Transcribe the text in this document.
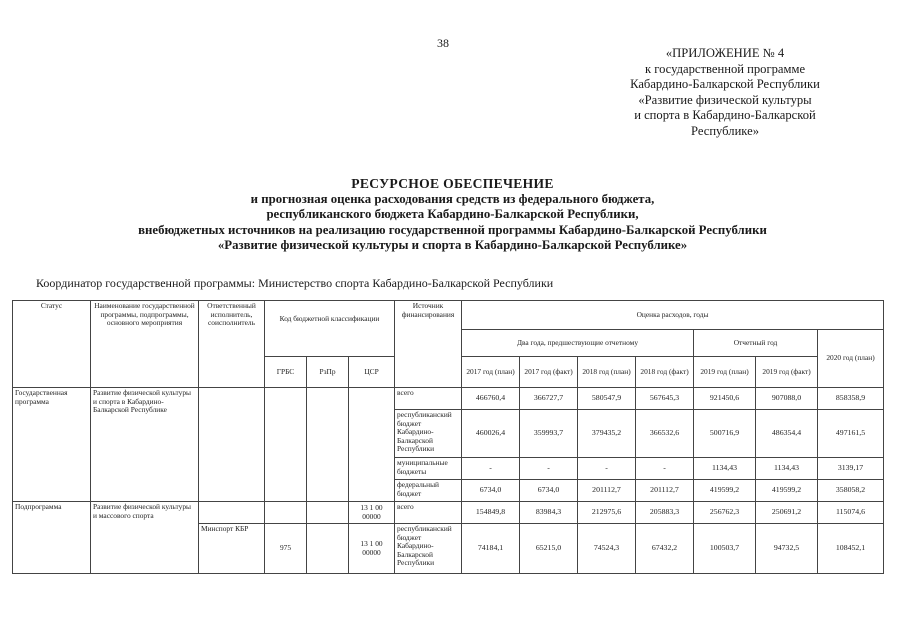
38
«ПРИЛОЖЕНИЕ № 4
к государственной программе
Кабардино-Балкарской Республики
«Развитие физической культуры
и спорта в Кабардино-Балкарской
Республике»
РЕСУРСНОЕ ОБЕСПЕЧЕНИЕ
и прогнозная оценка расходования средств из федерального бюджета,
республиканского бюджета Кабардино-Балкарской Республики,
внебюджетных источников на реализацию государственной программы Кабардино-Балкарской Республики
«Развитие физической культуры и спорта в Кабардино-Балкарской Республике»
Координатор государственной программы: Министерство спорта Кабардино-Балкарской Республики
Статус	Наименование государственной программы, подпрограммы, основного мероприятия	Ответственный исполнитель, соисполнитель	Код бюджетной классификации			Источник финансирования	Оценка расходов, годы						
							Два года, предшествующие отчетному				Отчетный год		2020 год (план)
			ГРБС	РзПр	ЦСР		2017 год (план)	2017 год (факт)	2018 год (план)	2018 год (факт)	2019 год (план)	2019 год (факт)	
Государственная программа	Развитие физической культуры и спорта в Кабардино-Балкарской Республике					всего	466760,4	366727,7	580547,9	567645,3	921450,6	907088,0	858358,9
						республиканский бюджет Кабардино-Балкарской Республики	460026,4	359993,7	379435,2	366532,6	500716,9	486354,4	497161,5
						муниципальные бюджеты	-	-	-	-	1134,43	1134,43	3139,17
						федеральный бюджет	6734,0	6734,0	201112,7	201112,7	419599,2	419599,2	358058,2
Подпрограмма	Развитие физической культуры и массового спорта				13 1 00 00000	всего	154849,8	83984,3	212975,6	205883,3	256762,3	250691,2	115074,6
		Минспорт КБР	975		13 1 00 00000	республиканский бюджет Кабардино-Балкарской Республики	74184,1	65215,0	74524,3	67432,2	100503,7	94732,5	108452,1
